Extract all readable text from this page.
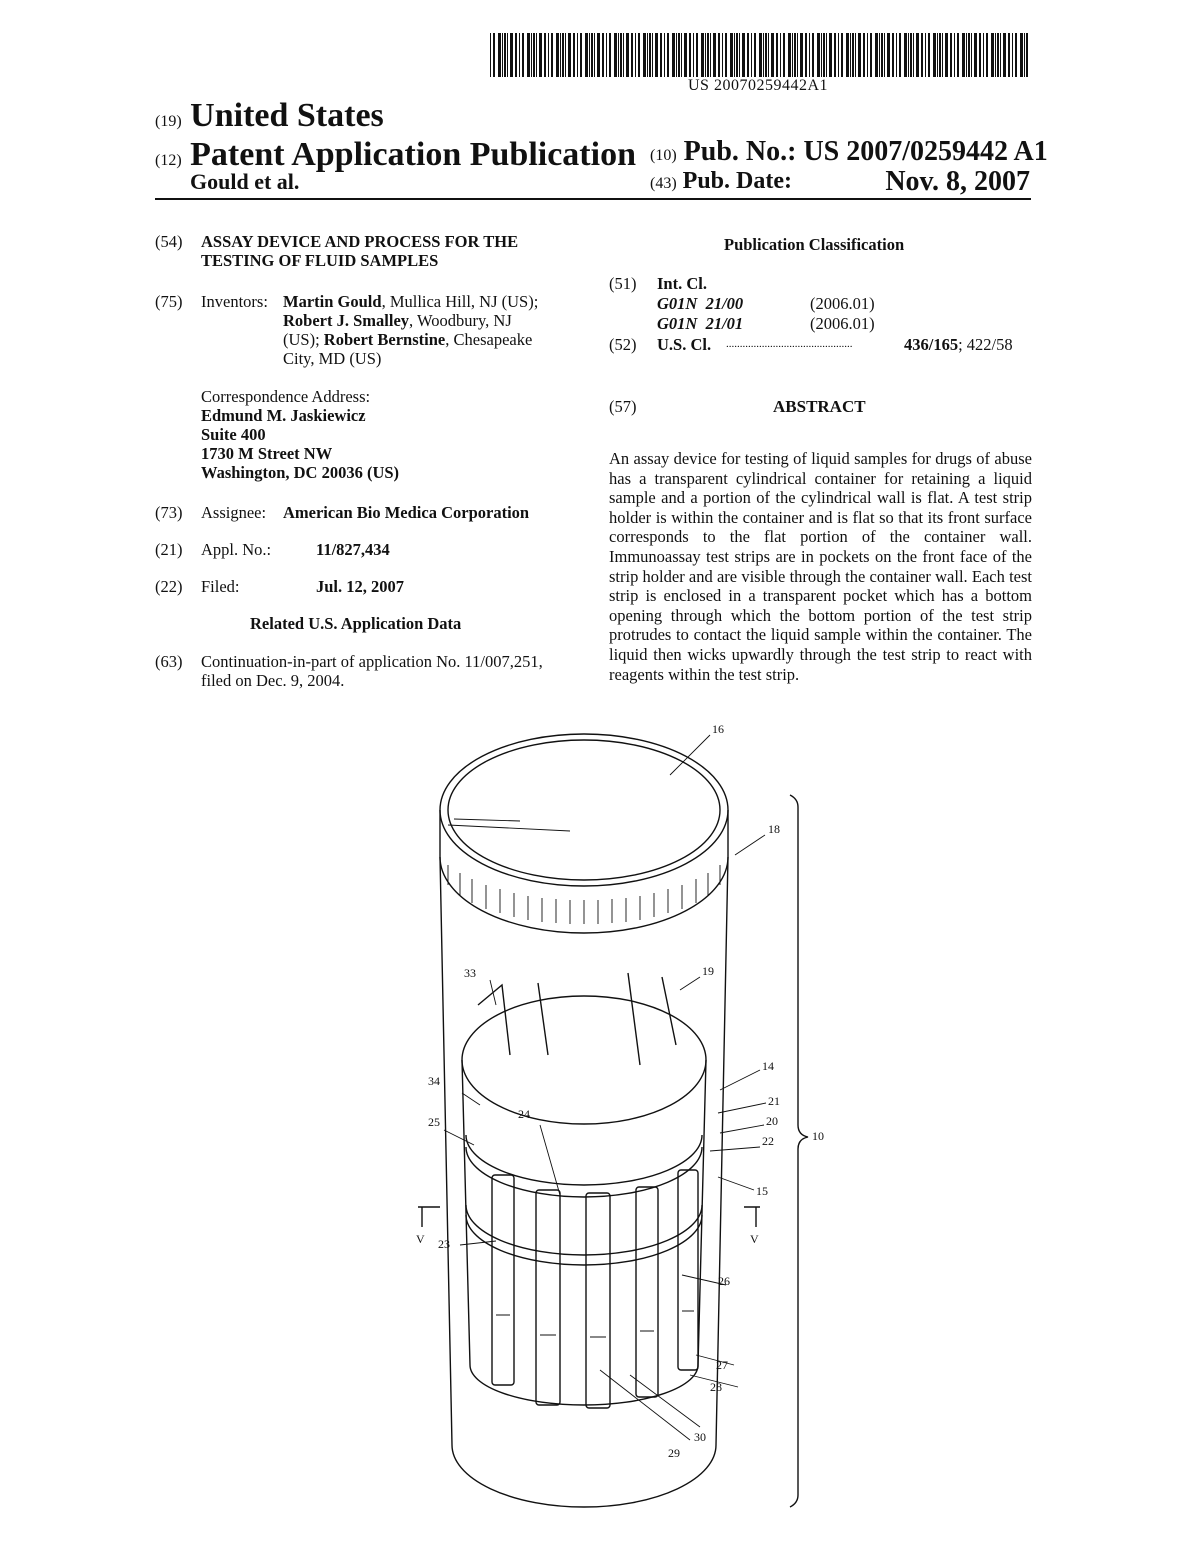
US 20070259442A1
(19) United States
(12) Patent Application Publication
Gould et al.
(10) Pub. No.: US 2007/0259442 A1
(43) Pub. Date:	Nov. 8, 2007
(54) ASSAY DEVICE AND PROCESS FOR THE
TESTING OF FLUID SAMPLES
(75) Inventors: Martin Gould, Mullica Hill, NJ (US);
Robert J. Smalley, Woodbury, NJ
(US); Robert Bernstine, Chesapeake
City, MD (US)
Correspondence Address:
Edmund M. Jaskiewicz
Suite 400
1730 M Street NW
Washington, DC 20036 (US)
(73) Assignee: American Bio Medica Corporation
(21) Appl. No.:	11/827,434
(22) Filed:	Jul. 12, 2007
Related U.S. Application Data
(63) Continuation-in-part of application No. 11/007,251,
filed on Dec. 9, 2004.
Publication Classification
(51) Int. Cl.
G01N  21/00	(2006.01)
G01N  21/01	(2006.01)
(52) U.S. Cl. ..............................................	436/165; 422/58
(57)	ABSTRACT
An assay device for testing of liquid samples for drugs of abuse has a transparent cylindrical container for retaining a liquid sample and a portion of the cylindrical wall is flat. A test strip holder is within the container and is flat so that its front surface corresponds to the flat portion of the container wall. Immunoassay test strips are in pockets on the front face of the strip holder and are visible through the container wall. Each test strip is enclosed in a transparent pocket which has a bottom opening through which the bottom portion of the test strip protrudes to contact the liquid sample within the container. The liquid then wicks upwardly through the test strip to react with reagents within the test strip.
16
18
19
33
14
34
21
24	20
25
22	10
15
23
V	V
26
27
28
30
29
